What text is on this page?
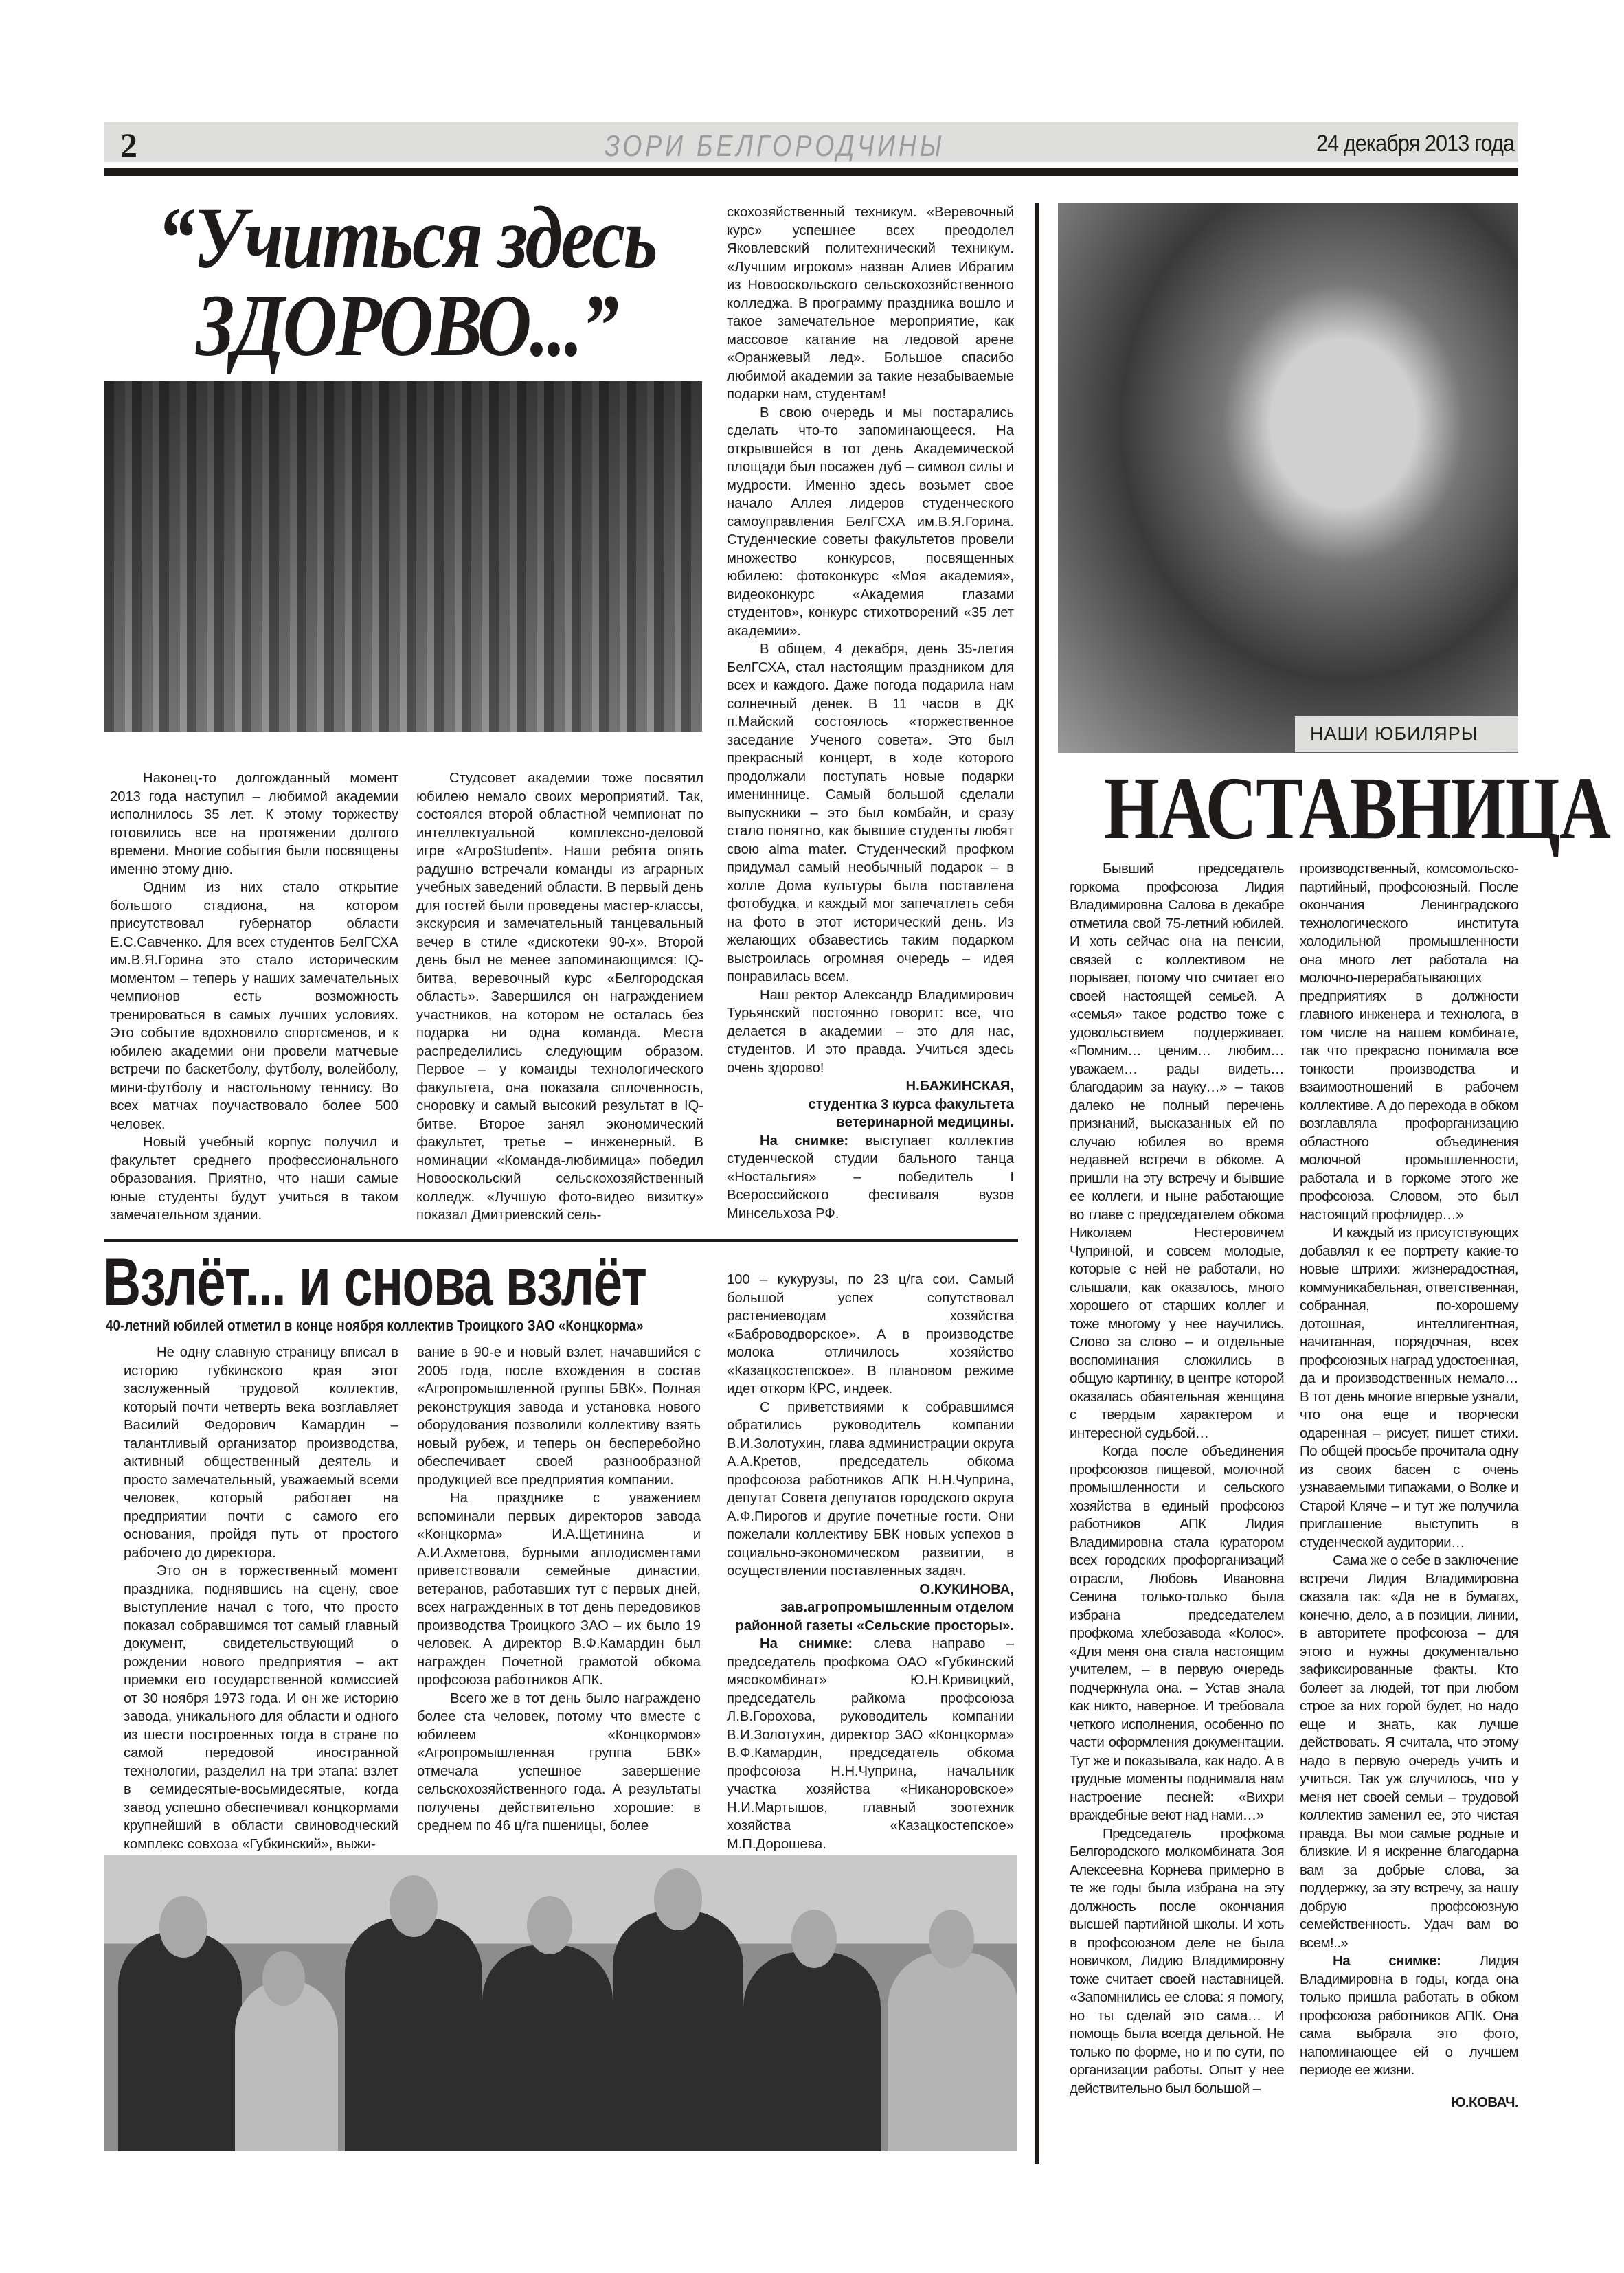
2	ЗОРИ БЕЛГОРОДЧИНЫ	24 декабря 2013 года
“Учиться здесь
ЗДОРОВО...”

Наконец-то долгожданный момент 2013 года наступил – любимой академии исполнилось 35 лет. К этому торжеству готовились все на протяжении долгого времени. Многие события были посвящены именно этому дню.

Одним из них стало открытие большого стадиона, на котором присутствовал губернатор области Е.С.Савченко. Для всех студентов БелГСХА им.В.Я.Горина это стало историческим моментом – теперь у наших замечательных чемпионов есть возможность тренироваться в самых лучших условиях. Это событие вдохновило спортсменов, и к юбилею академии они провели матчевые встречи по баскетболу, футболу, волейболу, мини-футболу и настольному теннису. Во всех матчах поучаствовало более 500 человек.

Новый учебный корпус получил и факультет среднего профессионального образования. Приятно, что наши самые юные студенты будут учиться в таком замечательном здании.

Студсовет академии тоже посвятил юбилею немало своих мероприятий. Так, состоялся второй областной чемпионат по интеллектуальной комплексно-деловой игре «AгроStudent». Наши ребята опять радушно встречали команды из аграрных учебных заведений области. В первый день для гостей были проведены мастер-классы, экскурсия и замечательный танцевальный вечер в стиле «дискотеки 90-х». Второй день был не менее запоминающимся: IQ-битва, веревочный курс «Белгородская область». Завершился он награждением участников, на котором не осталась без подарка ни одна команда. Места распределились следующим образом. Первое – у команды технологического факультета, она показала сплоченность, сноровку и самый высокий результат в IQ-битве. Второе занял экономический факультет, третье – инженерный. В номинации «Команда-любимица» победил Новооскольский сельскохозяйственный колледж. «Лучшую фото-видео визитку» показал Дмитриевский сель-

скохозяйственный техникум. «Веревочный курс» успешнее всех преодолел Яковлевский политехнический техникум. «Лучшим игроком» назван Алиев Ибрагим из Новооскольского сельскохозяйственного колледжа. В программу праздника вошло и такое замечательное мероприятие, как массовое катание на ледовой арене «Оранжевый лед». Большое спасибо любимой академии за такие незабываемые подарки нам, студентам!

В свою очередь и мы постарались сделать что-то запоминающееся. На открывшейся в тот день Академической площади был посажен дуб – символ силы и мудрости. Именно здесь возьмет свое начало Аллея лидеров студенческого самоуправления БелГСХА им.В.Я.Горина. Студенческие советы факультетов провели множество конкурсов, посвященных юбилею: фотоконкурс «Моя академия», видеоконкурс «Академия глазами студентов», конкурс стихотворений «35 лет академии».

В общем, 4 декабря, день 35-летия БелГСХА, стал настоящим праздником для всех и каждого. Даже погода подарила нам солнечный денек. В 11 часов в ДК п.Майский состоялось «торжественное заседание Ученого совета». Это был прекрасный концерт, в ходе которого продолжали поступать новые подарки имениннице. Самый большой сделали выпускники – это был комбайн, и сразу стало понятно, как бывшие студенты любят свою alma mater. Студенческий профком придумал самый необычный подарок – в холле Дома культуры была поставлена фотобудка, и каждый мог запечатлеть себя на фото в этот исторический день. Из желающих обзавестись таким подарком выстроилась огромная очередь – идея понравилась всем.

Наш ректор Александр Владимирович Турьянский постоянно говорит: все, что делается в академии – это для нас, студентов. И это правда. Учиться здесь очень здорово!

Н.БАЖИНСКАЯ,

студентка 3 курса факультета ветеринарной медицины.

На снимке: выступает коллектив студенческой студии бального танца «Ностальгия» – победитель I Всероссийского фестиваля вузов Минсельхоза РФ.

Взлёт... и снова взлёт
40-летний юбилей отметил в конце ноября коллектив Троицкого ЗАО «Концкорма»

Не одну славную страницу вписал в историю губкинского края этот заслуженный трудовой коллектив, который почти четверть века возглавляет Василий Федорович Камардин – талантливый организатор производства, активный общественный деятель и просто замечательный, уважаемый всеми человек, который работает на предприятии почти с самого его основания, пройдя путь от простого рабочего до директора.

Это он в торжественный момент праздника, поднявшись на сцену, свое выступление начал с того, что просто показал собравшимся тот самый главный документ, свидетельствующий о рождении нового предприятия – акт приемки его государственной комиссией от 30 ноября 1973 года. И он же историю завода, уникального для области и одного из шести построенных тогда в стране по самой передовой иностранной технологии, разделил на три этапа: взлет в семидесятые-восьмидесятые, когда завод успешно обеспечивал концкормами крупнейший в области свиноводческий комплекс совхоза «Губкинский», выжи-

вание в 90-е и новый взлет, начавшийся с 2005 года, после вхождения в состав «Агропромышленной группы БВК». Полная реконструкция завода и установка нового оборудования позволили коллективу взять новый рубеж, и теперь он бесперебойно обеспечивает своей разнообразной продукцией все предприятия компании.

На празднике с уважением вспоминали первых директоров завода «Концкорма» И.А.Щетинина и А.И.Ахметова, бурными аплодисментами приветствовали семейные династии, ветеранов, работавших тут с первых дней, всех награжденных в тот день передовиков производства Троицкого ЗАО – их было 19 человек. А директор В.Ф.Камардин был награжден Почетной грамотой обкома профсоюза работников АПК.

Всего же в тот день было награждено более ста человек, потому что вместе с юбилеем «Концкормов» «Агропромышленная группа БВК» отмечала успешное завершение сельскохозяйственного года. А результаты получены действительно хорошие: в среднем по 46 ц/га пшеницы, более

100 – кукурузы, по 23 ц/га сои. Самый большой успех сопутствовал растениеводам хозяйства «Баброводворское». А в производстве молока отличилось хозяйство «Казацкостепское». В плановом режиме идет откорм КРС, индеек.

С приветствиями к собравшимся обратились руководитель компании В.И.Золотухин, глава администрации округа А.А.Кретов, председатель обкома профсоюза работников АПК Н.Н.Чуприна, депутат Совета депутатов городского округа А.Ф.Пирогов и другие почетные гости. Они пожелали коллективу БВК новых успехов в социально-экономическом развитии, в осуществлении поставленных задач.

О.КУКИНОВА,

зав.агропромышленным отделом районной газеты «Сельские просторы».

На снимке: слева направо – председатель профкома ОАО «Губкинский мясокомбинат» Ю.Н.Кривицкий, председатель райкома профсоюза Л.В.Горохова, руководитель компании В.И.Золотухин, директор ЗАО «Концкорма» В.Ф.Камардин, председатель обкома профсоюза Н.Н.Чуприна, начальник участка хозяйства «Никаноровское» Н.И.Мартышов, главный зоотехник хозяйства «Казацкостепское» М.П.Дорошева.

НАШИ ЮБИЛЯРЫ
НАСТАВНИЦА

Бывший председатель горкома профсоюза Лидия Владимировна Салова в декабре отметила свой 75-летний юбилей. И хоть сейчас она на пенсии, связей с коллективом не порывает, потому что считает его своей настоящей семьей. А «семья» такое родство тоже с удовольствием поддерживает. «Помним… ценим… любим… уважаем… рады видеть… благодарим за науку…» – таков далеко не полный перечень признаний, высказанных ей по случаю юбилея во время недавней встречи в обкоме. А пришли на эту встречу и бывшие ее коллеги, и ныне работающие во главе с председателем обкома Николаем Нестеровичем Чуприной, и совсем молодые, которые с ней не работали, но слышали, как оказалось, много хорошего от старших коллег и тоже многому у нее научились. Слово за слово – и отдельные воспоминания сложились в общую картинку, в центре которой оказалась обаятельная женщина с твердым характером и интересной судьбой…

Когда после объединения профсоюзов пищевой, молочной промышленности и сельского хозяйства в единый профсоюз работников АПК Лидия Владимировна стала куратором всех городских профорганизаций отрасли, Любовь Ивановна Сенина только-только была избрана председателем профкома хлебозавода «Колос». «Для меня она стала настоящим учителем, – в первую очередь подчеркнула она. – Устав знала как никто, наверное. И требовала четкого исполнения, особенно по части оформления документации. Тут же и показывала, как надо. А в трудные моменты поднимала нам настроение песней: «Вихри враждебные веют над нами…»

Председатель профкома Белгородского молкомбината Зоя Алексеевна Корнева примерно в те же годы была избрана на эту должность после окончания высшей партийной школы. И хоть в профсоюзном деле не была новичком, Лидию Владимировну тоже считает своей наставницей. «Запомнились ее слова: я помогу, но ты сделай это сама… И помощь была всегда дельной. Не только по форме, но и по сути, по организации работы. Опыт у нее действительно был большой –

производственный, комсомольско-партийный, профсоюзный. После окончания Ленинградского технологического института холодильной промышленности она много лет работала на молочно-перерабатывающих предприятиях в должности главного инженера и технолога, в том числе на нашем комбинате, так что прекрасно понимала все тонкости производства и взаимоотношений в рабочем коллективе. А до перехода в обком возглавляла профорганизацию областного объединения молочной промышленности, работала и в горкоме этого же профсоюза. Словом, это был настоящий профлидер…»

И каждый из присутствующих добавлял к ее портрету какие-то новые штрихи: жизнерадостная, коммуникабельная, ответственная, собранная, по-хорошему дотошная, интеллигентная, начитанная, порядочная, всех профсоюзных наград удостоенная, да и производственных немало… В тот день многие впервые узнали, что она еще и творчески одаренная – рисует, пишет стихи. По общей просьбе прочитала одну из своих басен с очень узнаваемыми типажами, о Волке и Старой Кляче – и тут же получила приглашение выступить в студенческой аудитории…

Сама же о себе в заключение встречи Лидия Владимировна сказала так: «Да не в бумагах, конечно, дело, а в позиции, линии, в авторитете профсоюза – для этого и нужны документально зафиксированные факты. Кто болеет за людей, тот при любом строе за них горой будет, но надо еще и знать, как лучше действовать. Я считала, что этому надо в первую очередь учить и учиться. Так уж случилось, что у меня нет своей семьи – трудовой коллектив заменил ее, это чистая правда. Вы мои самые родные и близкие. И я искренне благодарна вам за добрые слова, за поддержку, за эту встречу, за нашу добрую профсоюзную семейственность. Удач вам во всем!..»

На снимке:	Лидия Владимировна в годы, когда она только пришла работать в обком профсоюза работников АПК. Она сама выбрала это фото, напоминающее ей о лучшем периоде ее жизни.

Ю.КОВАЧ.
